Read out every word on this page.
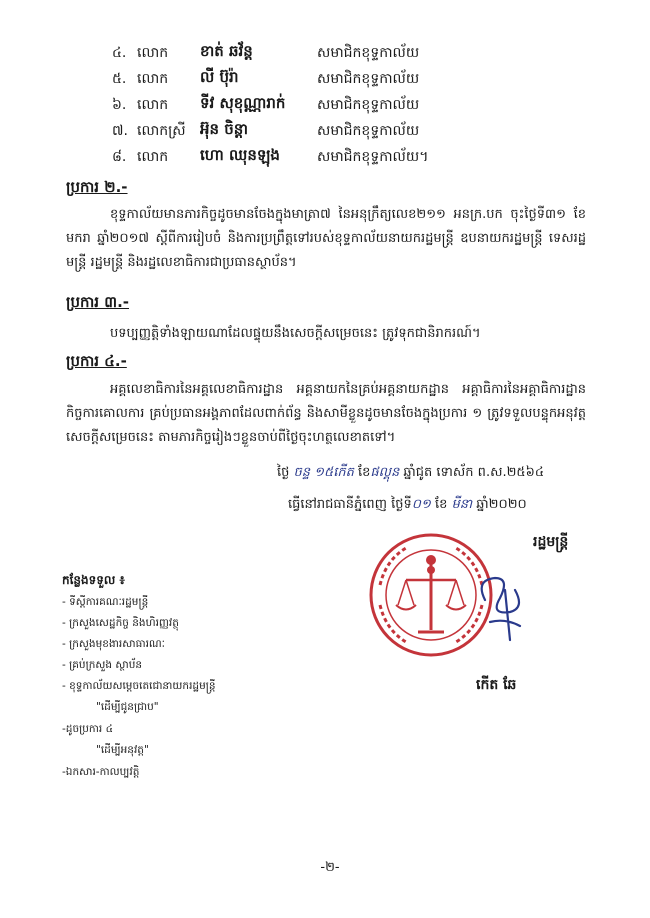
៤. លោក	ខាត់ ឆវ័ន្ត	សមាជិកខុទ្ទកាល័យ
៥. លោក	លី ប៊ុរ៉ា	សមាជិកខុទ្ទកាល័យ
៦. លោក	ទីវ សុខុណ្ណារាក់	សមាជិកខុទ្ទកាល័យ
៧. លោកស្រី អ៊ុន ចិន្តា	សមាជិកខុទ្ទកាល័យ
៨. លោក	ហោ ឈុនឡុង	សមាជិកខុទ្ទកាល័យ។
ប្រការ ២.-
ខុទ្ទកាល័យមានភារកិច្ចដូចមានចែងក្នុងមាត្រា៧ នៃអនុក្រឹត្យលេខ២១១ អនក្រ.បក ចុះថ្ងៃទី៣១ ខែមករា ឆ្នាំ២០១៧ ស្តីពីការរៀបចំ និងការប្រព្រឹត្តទៅរបស់ខុទ្ទកាល័យនាយករដ្ឋមន្ត្រី ឧបនាយករដ្ឋមន្ត្រី ទេសរដ្ឋមន្ត្រី រដ្ឋមន្ត្រី និងរដ្ឋលេខាធិការជាប្រធានស្ថាប័ន។
ប្រការ ៣.-
បទប្បញ្ញត្តិទាំងឡាយណាដែលផ្ទុយនឹងសេចក្តីសម្រេចនេះ ត្រូវទុកជានិរាករណ៍។
ប្រការ ៤.-
អគ្គលេខាធិការនៃអគ្គលេខាធិការដ្ឋាន អគ្គនាយកនៃគ្រប់អគ្គនាយកដ្ឋាន អគ្គាធិការនៃអគ្គាធិការដ្ឋាន កិច្ចការគោលការ គ្រប់ប្រធានអង្គភាពដែលពាក់ព័ន្ធ និងសាមីខ្លួនដូចមានចែងក្នុងប្រការ ១ ត្រូវទទួលបន្ទុកអនុវត្តសេចក្តីសម្រេចនេះ តាមភារកិច្ចរៀងៗខ្លួនចាប់ពីថ្ងៃចុះហត្ថលេខាតទៅ។
ថ្ងៃ ចន្ទ ១៥កើត ខែផល្គុន ឆ្នាំជូត ទោស័ក ព.ស.២៥៦៤
ធ្វើនៅរាជធានីភ្នំពេញ ថ្ងៃទី០១ ខែ មីនា ឆ្នាំ២០២០
រដ្ឋមន្ត្រី
កើត ឆែ
កន្លែងទទួល ៖
- ទីស្តីការគណៈរដ្ឋមន្ត្រី
- ក្រសួងសេដ្ឋកិច្ច និងហិរញ្ញវត្ថុ
- ក្រសួងមុខងារសាធារណៈ
- គ្រប់ក្រសួង ស្ថាប័ន
- ខុទ្ទកាល័យសម្តេចតេជោនាយករដ្ឋមន្ត្រី
"ដើម្បីជូនជ្រាប"
-ដូចប្រការ ៤
"ដើម្បីអនុវត្ត"
-ឯកសារ-កាលប្បវត្តិ
-២-
